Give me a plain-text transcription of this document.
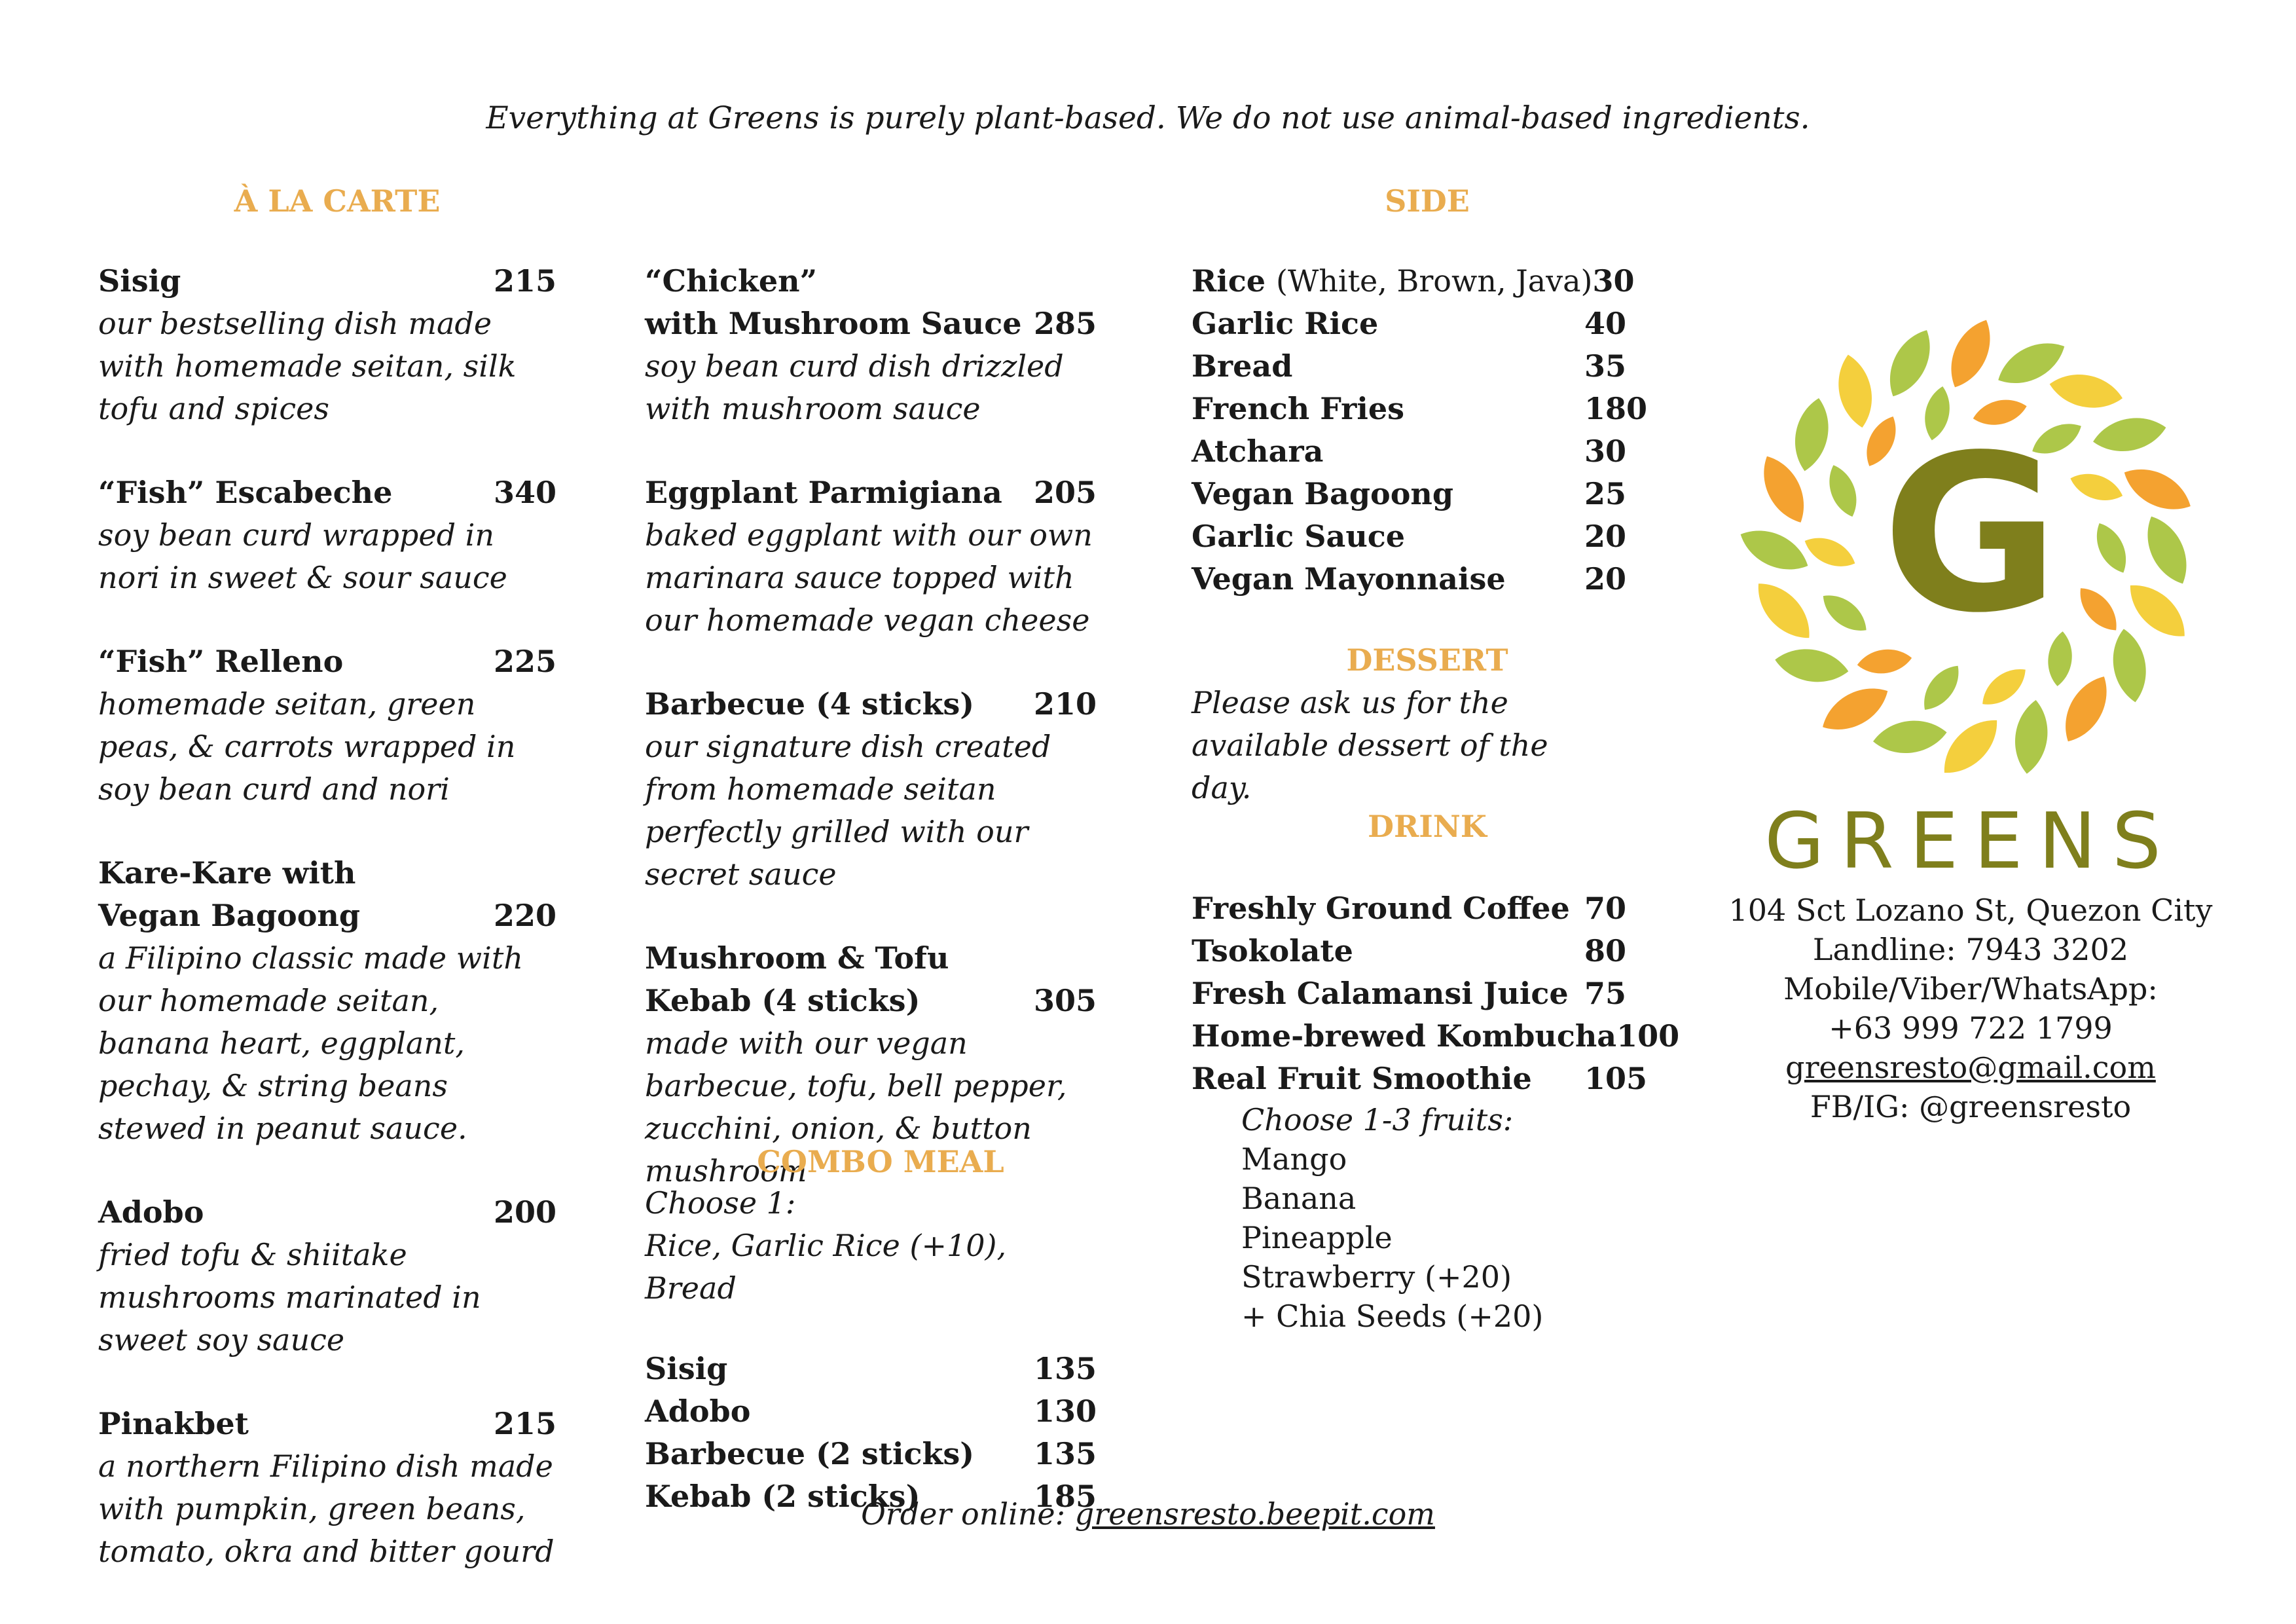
Everything at Greens is purely plant-based. We do not use animal-based ingredients.
À LA CARTE
Sisig	215
our bestselling dish made with homemade seitan, silk tofu and spices
“Fish” Escabeche	340
soy bean curd wrapped in nori in sweet & sour sauce
“Fish” Relleno	225
homemade seitan, green peas, & carrots wrapped in soy bean curd and nori
Kare-Kare with
Vegan Bagoong	220
a Filipino classic made with our homemade seitan, banana heart, eggplant, pechay, & string beans stewed in peanut sauce.
Adobo	200
fried tofu & shiitake mushrooms marinated in sweet soy sauce
Pinakbet	215
a northern Filipino dish made with pumpkin, green beans, tomato, okra and bitter gourd
“Chicken”
with Mushroom Sauce 285
soy bean curd dish drizzled with mushroom sauce
Eggplant Parmigiana 205
baked eggplant with our own marinara sauce topped with our homemade vegan cheese
Barbecue (4 sticks) 210
our signature dish created from homemade seitan perfectly grilled with our secret sauce
Mushroom & Tofu
Kebab (4 sticks)	305
made with our vegan barbecue, tofu, bell pepper, zucchini, onion, & button mushroom
COMBO MEAL
Choose 1:
Rice, Garlic Rice (+10), Bread
Sisig	135
Adobo	130
Barbecue (2 sticks) 135
Kebab (2 sticks)	185
SIDE
Rice (White, Brown, Java) 30
Garlic Rice	40
Bread	35
French Fries	180
Atchara	30
Vegan Bagoong	25
Garlic Sauce	20
Vegan Mayonnaise	20
DESSERT
Please ask us for the available dessert of the day.
DRINK
Freshly Ground Coffee 70
Tsokolate	80
Fresh Calamansi Juice 75
Home-brewed Kombucha 100
Real Fruit Smoothie 105
Choose 1-3 fruits:
Mango
Banana
Pineapple
Strawberry (+20)
+ Chia Seeds (+20)
G
GREENS
104 Sct Lozano St, Quezon City
Landline: 7943 3202
Mobile/Viber/WhatsApp:
+63 999 722 1799
greensresto@gmail.com
FB/IG: @greensresto
Order online: greensresto.beepit.com
